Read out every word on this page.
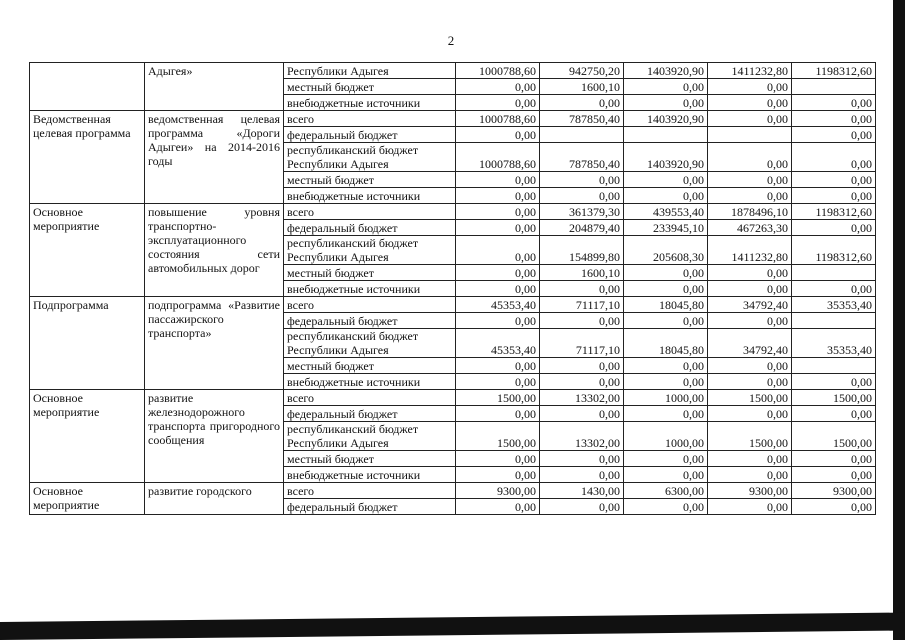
2
	Адыгея»	Республики Адыгея	1000788,60	942750,20	1403920,90	1411232,80	1198312,60
		местный бюджет	0,00	1600,10	0,00	0,00	
		внебюджетные источники	0,00	0,00	0,00	0,00	0,00
Ведомственная целевая программа	ведомственная целевая программа «Дороги Адыгеи» на 2014-2016 годы	всего	1000788,60	787850,40	1403920,90	0,00	0,00
		федеральный бюджет	0,00				0,00
		республиканский бюджет Республики Адыгея	1000788,60	787850,40	1403920,90	0,00	0,00
		местный бюджет	0,00	0,00	0,00	0,00	0,00
		внебюджетные источники	0,00	0,00	0,00	0,00	0,00
Основное мероприятие	повышение уровня транспортно-эксплуатационного состояния сети автомобильных дорог	всего	0,00	361379,30	439553,40	1878496,10	1198312,60
		федеральный бюджет	0,00	204879,40	233945,10	467263,30	0,00
		республиканский бюджет Республики Адыгея	0,00	154899,80	205608,30	1411232,80	1198312,60
		местный бюджет	0,00	1600,10	0,00	0,00	
		внебюджетные источники	0,00	0,00	0,00	0,00	0,00
Подпрограмма	подпрограмма «Развитие пассажирского транспорта»	всего	45353,40	71117,10	18045,80	34792,40	35353,40
		федеральный бюджет	0,00	0,00	0,00	0,00	
		республиканский бюджет Республики Адыгея	45353,40	71117,10	18045,80	34792,40	35353,40
		местный бюджет	0,00	0,00	0,00	0,00	
		внебюджетные источники	0,00	0,00	0,00	0,00	0,00
Основное мероприятие	развитие железнодорожного транспорта пригородного сообщения	всего	1500,00	13302,00	1000,00	1500,00	1500,00
		федеральный бюджет	0,00	0,00	0,00	0,00	0,00
		республиканский бюджет Республики Адыгея	1500,00	13302,00	1000,00	1500,00	1500,00
		местный бюджет	0,00	0,00	0,00	0,00	0,00
		внебюджетные источники	0,00	0,00	0,00	0,00	0,00
Основное мероприятие	развитие городского	всего	9300,00	1430,00	6300,00	9300,00	9300,00
		федеральный бюджет	0,00	0,00	0,00	0,00	0,00
